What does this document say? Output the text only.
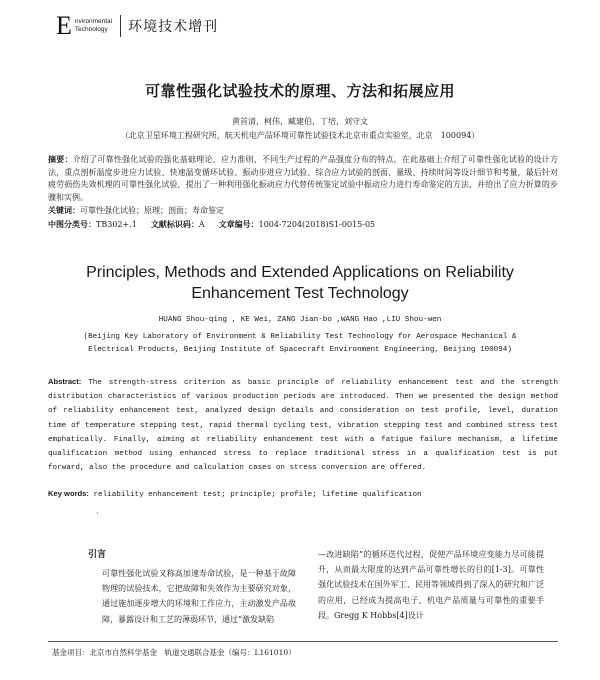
E nvironmental
Technology	环境技术增刊
可靠性强化试验技术的原理、方法和拓展应用
黄首清，柯伟，臧建伯，丁培，刘守文
（北京卫星环境工程研究所，航天机电产品环境可靠性试验技术北京市重点实验室，北京　100094）
摘要：介绍了可靠性强化试验的强化基础理论、应力准则、不同生产过程的产品强度分布的特点，在此基础上介绍了可靠性强化试验的设计方法，重点剖析温度步进应力试验、快速温变循环试验、振动步进应力试验、综合应力试验的剖面、量级、持续时间等设计细节和考量，最后针对疲劳损伤失效机理的可靠性强化试验，提出了一种利用强化振动应力代替传统鉴定试验中振动应力进行寿命鉴定的方法，并给出了应力折算的步骤和实例。
关键词：可靠性强化试验；原理；剖面；寿命鉴定
中图分类号：TB302+.1 文献标识码：A 文章编号：1004-7204(2018)S1-0015-05
Principles, Methods and Extended Applications on Reliability Enhancement Test Technology
HUANG Shou-qing , KE Wei, ZANG Jian-bo ,WANG Hao ,LIU Shou-wen
(Beijing Key Laboratory of Environment & Reliability Test Technology for Aerospace Mechanical & Electrical Products, Beijing Institute of Spacecraft Environment Engineering, Beijing 100094)
Abstract: The strength-stress criterion as basic principle of reliability enhancement test and the strength distribution characteristics of various production periods are introduced. Then we presented the design method of reliability enhancement test, analyzed design details and consideration on test profile, level, duration time of temperature stepping test, rapid thermal cycling test, vibration stepping test and combined stress test emphatically. Finally, aiming at reliability enhancement test with a fatigue failure mechanism, a lifetime qualification method using enhanced stress to replace traditional stress in a qualification test is put forward, also the procedure and calculation cases on stress conversion are offered.
Key words: reliability enhancement test; principle; profile; lifetime qualification
·
引言
可靠性强化试验又称高加速寿命试验，是一种基于故障物理的试验技术，它把故障和失效作为主要研究对象，通过施加逐步增大的环境和工作应力，主动激发产品故障，暴露设计和工艺的薄弱环节，通过“激发缺陷
—改进缺陷”的循环迭代过程，促使产品环境应变能力尽可能提升，从而最大限度的达到产品可靠性增长的目的[1-3]。可靠性强化试验技术在国外军工、民用等领域得到了深入的研究和广泛的应用，已经成为提高电子、机电产品质量与可靠性的重要手段。Gregg K Hobbs[4]设计
基金项目：北京市自然科学基金　轨道交通联合基金（编号：L161010）
